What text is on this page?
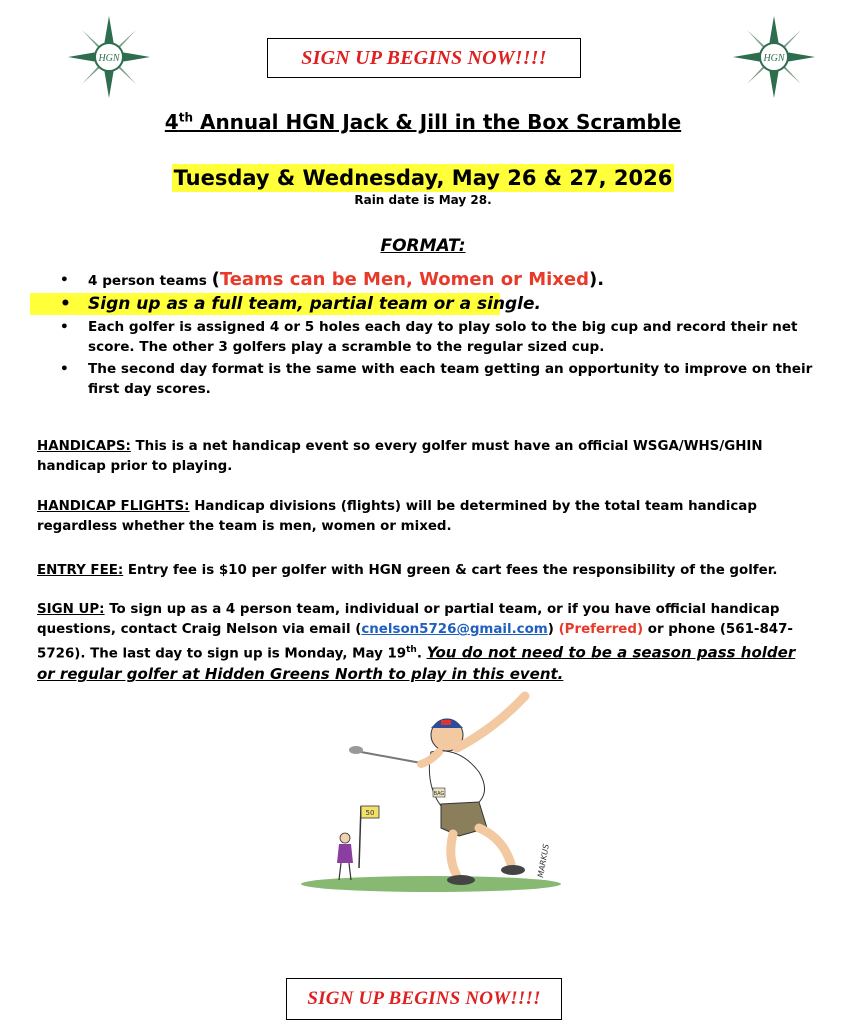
HGN	HGN
SIGN UP BEGINS NOW!!!!
4th Annual HGN Jack & Jill in the Box Scramble
Tuesday & Wednesday, May 26 & 27, 2026
Rain date is May 28.
FORMAT:
• 4 person teams (Teams can be Men, Women or Mixed).
• Sign up as a full team, partial team or a single.
• Each golfer is assigned 4 or 5 holes each day to play solo to the big cup and record their net score. The other 3 golfers play a scramble to the regular sized cup.
• The second day format is the same with each team getting an opportunity to improve on their first day scores.
HANDICAPS: This is a net handicap event so every golfer must have an official WSGA/WHS/GHIN handicap prior to playing.
HANDICAP FLIGHTS: Handicap divisions (flights) will be determined by the total team handicap regardless whether the team is men, women or mixed.
ENTRY FEE: Entry fee is $10 per golfer with HGN green & cart fees the responsibility of the golfer.
SIGN UP: To sign up as a 4 person team, individual or partial team, or if you have official handicap questions, contact Craig Nelson via email (cnelson5726@gmail.com) (Preferred) or phone (561-847-5726). The last day to sign up is Monday, May 19th. You do not need to be a season pass holder or regular golfer at Hidden Greens North to play in this event.
50
BAG
MARKUS
SIGN UP BEGINS NOW!!!!
